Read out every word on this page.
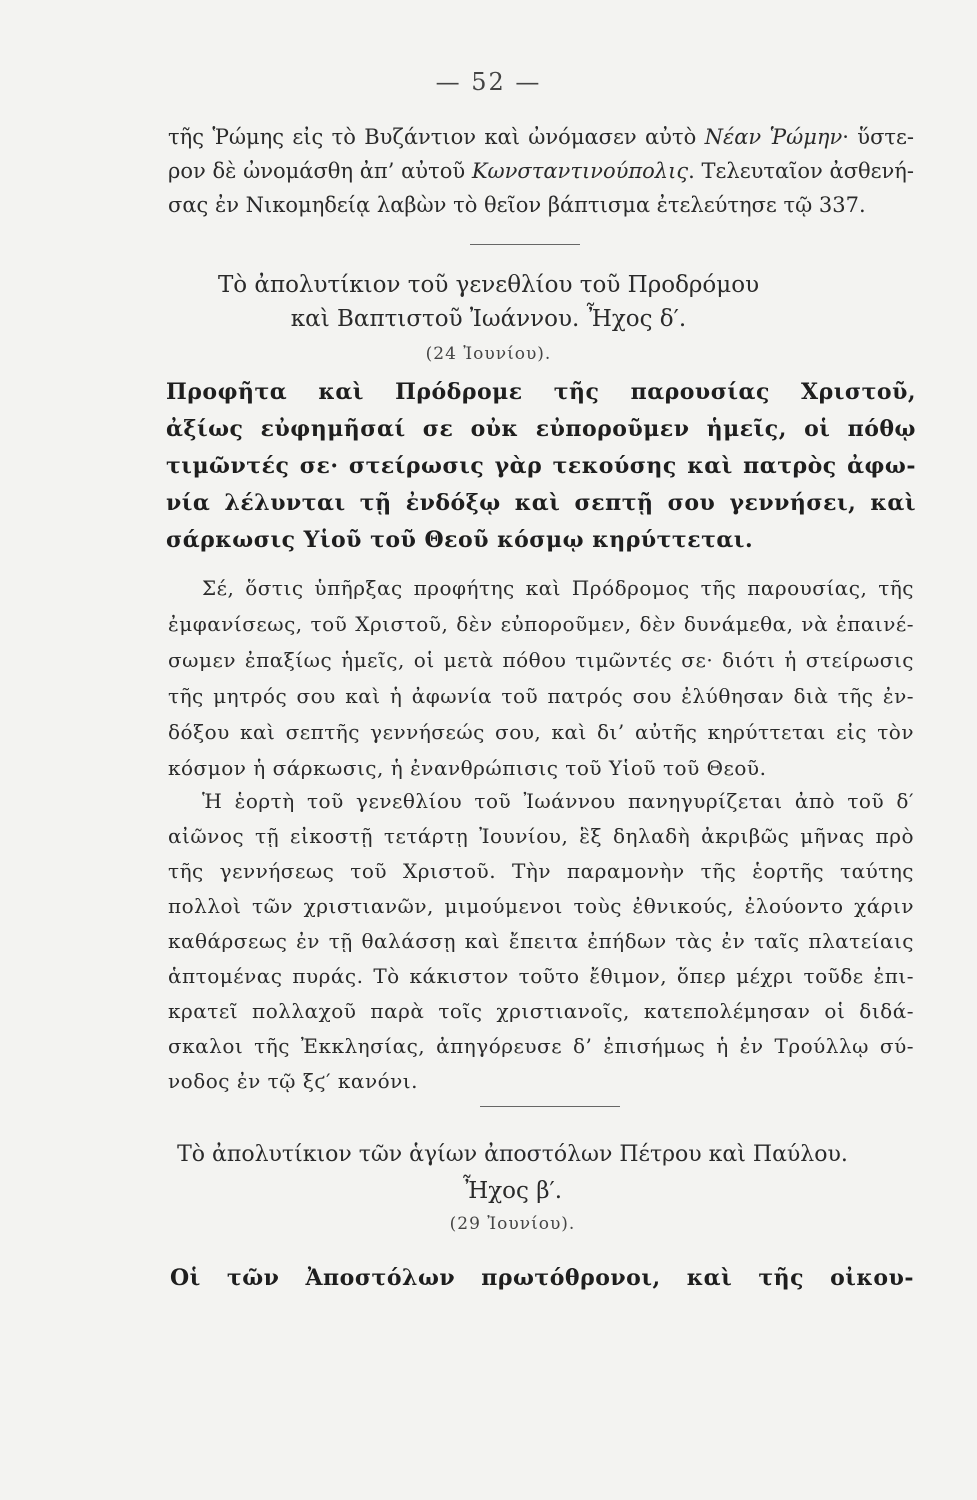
— 52 —
τῆς Ῥώμης εἰς τὸ Βυζάντιον καὶ ὠνόμασεν αὐτὸ Νέαν Ῥώμην· ὕστε-
ρον δὲ ὠνομάσθη ἀπ’ αὐτοῦ Κωνσταντινούπολις. Τελευταῖον ἀσθενή-
σας ἐν Νικομηδείᾳ λαβὼν τὸ θεῖον βάπτισμα ἐτελεύτησε τῷ 337.
Τὸ ἀπολυτίκιον τοῦ γενεθλίου τοῦ Προδρόμου
καὶ Βαπτιστοῦ Ἰωάννου. Ἦχος δ′.
(24 Ἰουνίου).
Προφῆτα καὶ Πρόδρομε τῆς παρουσίας Χριστοῦ,
ἀξίως εὐφημῆσαί σε οὐκ εὐποροῦμεν ἡμεῖς, οἱ πόθῳ
τιμῶντές σε· στείρωσις γὰρ τεκούσης καὶ πατρὸς ἀφω-
νία λέλυνται τῇ ἐνδόξῳ καὶ σεπτῇ σου γεννήσει, καὶ
σάρκωσις Υἱοῦ τοῦ Θεοῦ κόσμῳ κηρύττεται.
Σέ, ὅστις ὑπῆρξας προφήτης καὶ Πρόδρομος τῆς παρουσίας, τῆς
ἐμφανίσεως, τοῦ Χριστοῦ, δὲν εὐποροῦμεν, δὲν δυνάμεθα, νὰ ἐπαινέ-
σωμεν ἐπαξίως ἡμεῖς, οἱ μετὰ πόθου τιμῶντές σε· διότι ἡ στείρωσις
τῆς μητρός σου καὶ ἡ ἀφωνία τοῦ πατρός σου ἐλύθησαν διὰ τῆς ἐν-
δόξου καὶ σεπτῆς γεννήσεώς σου, καὶ δι’ αὐτῆς κηρύττεται εἰς τὸν
κόσμον ἡ σάρκωσις, ἡ ἐνανθρώπισις τοῦ Υἱοῦ τοῦ Θεοῦ.
Ἡ ἑορτὴ τοῦ γενεθλίου τοῦ Ἰωάννου πανηγυρίζεται ἀπὸ τοῦ δ′
αἰῶνος τῇ εἰκοστῇ τετάρτῃ Ἰουνίου, ἓξ δηλαδὴ ἀκριβῶς μῆνας πρὸ
τῆς γεννήσεως τοῦ Χριστοῦ. Τὴν παραμονὴν τῆς ἑορτῆς ταύτης
πολλοὶ τῶν χριστιανῶν, μιμούμενοι τοὺς ἐθνικούς, ἐλούοντο χάριν
καθάρσεως ἐν τῇ θαλάσσῃ καὶ ἔπειτα ἐπήδων τὰς ἐν ταῖς πλατείαις
ἁπτομένας πυράς. Τὸ κάκιστον τοῦτο ἔθιμον, ὅπερ μέχρι τοῦδε ἐπι-
κρατεῖ πολλαχοῦ παρὰ τοῖς χριστιανοῖς, κατεπολέμησαν οἱ διδά-
σκαλοι τῆς Ἐκκλησίας, ἀπηγόρευσε δ’ ἐπισήμως ἡ ἐν Τρούλλῳ σύ-
νοδος ἐν τῷ ξϛ′ κανόνι.
Τὸ ἀπολυτίκιον τῶν ἁγίων ἀποστόλων Πέτρου καὶ Παύλου.
Ἦχος β′.
(29 Ἰουνίου).
Οἱ τῶν Ἀποστόλων πρωτόθρονοι, καὶ τῆς οἰκου-
